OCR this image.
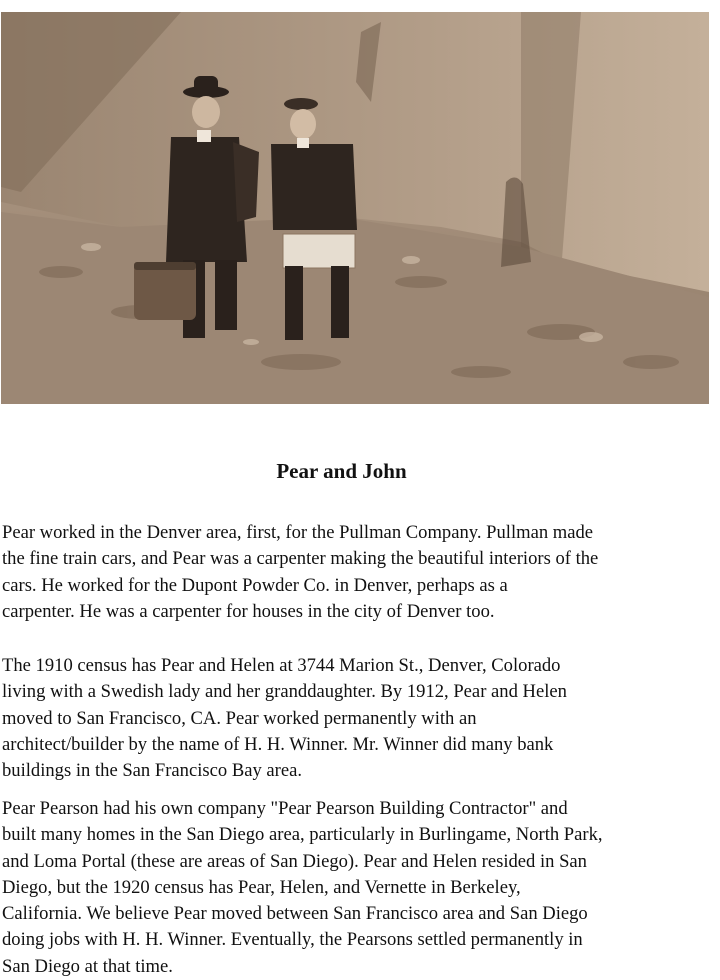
Pear and John

Pear worked in the Denver area, first, for the Pullman Company. Pullman made
the fine train cars, and Pear was a carpenter making the beautiful interiors of the
cars. He worked for the Dupont Powder Co. in Denver, perhaps as a
carpenter. He was a carpenter for houses in the city of Denver too.

The 1910 census has Pear and Helen at 3744 Marion St., Denver, Colorado
living with a Swedish lady and her granddaughter. By 1912, Pear and Helen
moved to San Francisco, CA. Pear worked permanently with an
architect/builder by the name of H. H. Winner. Mr. Winner did many bank
buildings in the San Francisco Bay area.

Pear Pearson had his own company "Pear Pearson Building Contractor" and
built many homes in the San Diego area, particularly in Burlingame, North Park,
and Loma Portal (these are areas of San Diego). Pear and Helen resided in San
Diego, but the 1920 census has Pear, Helen, and Vernette in Berkeley,
California. We believe Pear moved between San Francisco area and San Diego
doing jobs with H. H. Winner. Eventually, the Pearsons settled permanently in
San Diego at that time.
